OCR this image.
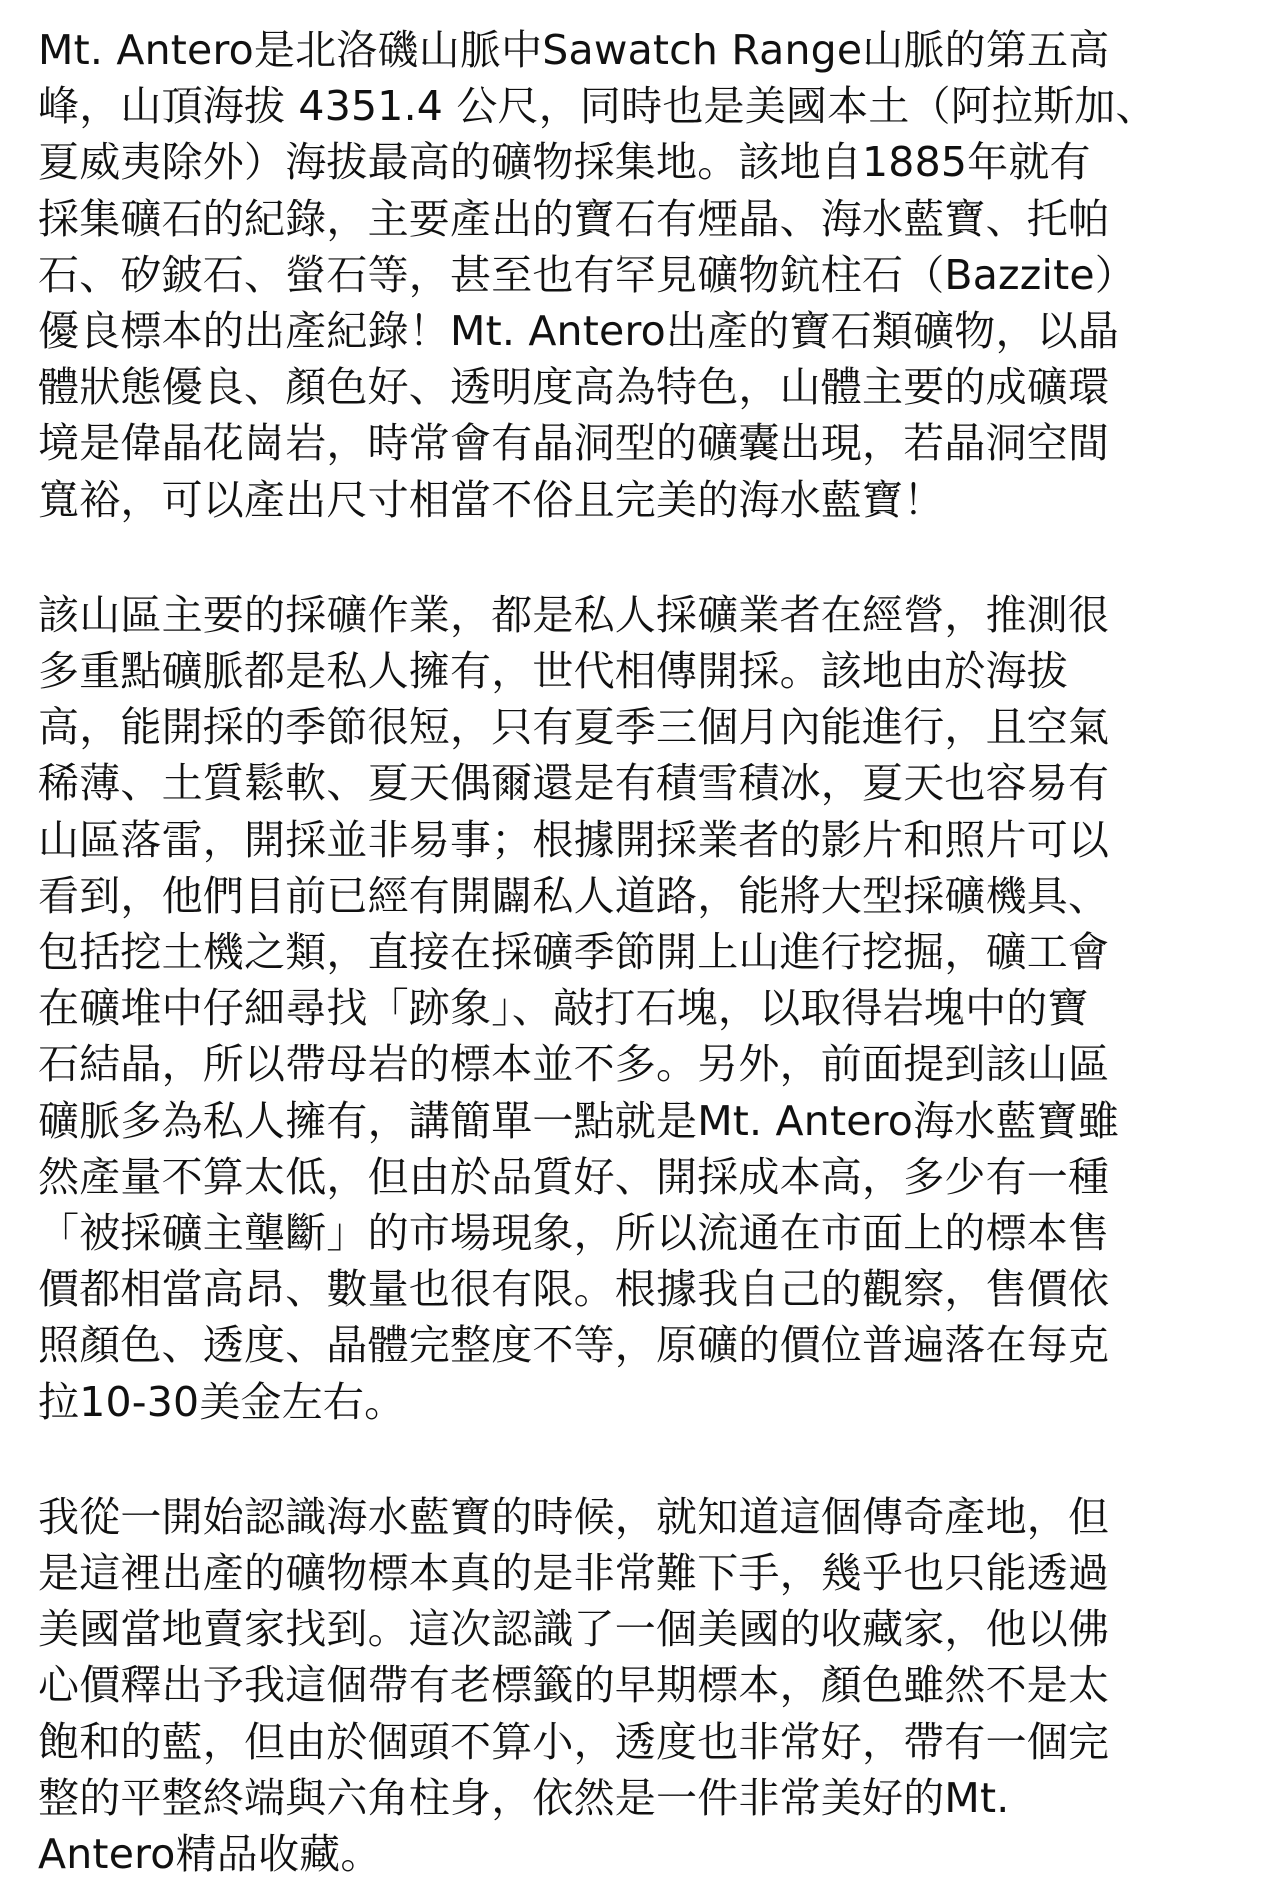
Mt. Antero是北洛磯山脈中Sawatch Range山脈的第五高
峰，山頂海拔 4351.4 公尺，同時也是美國本土（阿拉斯加、
夏威夷除外）海拔最高的礦物採集地。該地自1885年就有
採集礦石的紀錄，主要產出的寶石有煙晶、海水藍寶、托帕
石、矽鈹石、螢石等，甚至也有罕見礦物鈧柱石（Bazzite）
優良標本的出產紀錄！Mt. Antero出產的寶石類礦物，以晶
體狀態優良、顏色好、透明度高為特色，山體主要的成礦環
境是偉晶花崗岩，時常會有晶洞型的礦囊出現，若晶洞空間
寬裕，可以產出尺寸相當不俗且完美的海水藍寶！

該山區主要的採礦作業，都是私人採礦業者在經營，推測很
多重點礦脈都是私人擁有，世代相傳開採。該地由於海拔
高，能開採的季節很短，只有夏季三個月內能進行，且空氣
稀薄、土質鬆軟、夏天偶爾還是有積雪積冰，夏天也容易有
山區落雷，開採並非易事；根據開採業者的影片和照片可以
看到，他們目前已經有開闢私人道路，能將大型採礦機具、
包括挖土機之類，直接在採礦季節開上山進行挖掘，礦工會
在礦堆中仔細尋找「跡象」、敲打石塊，以取得岩塊中的寶
石結晶，所以帶母岩的標本並不多。另外，前面提到該山區
礦脈多為私人擁有，講簡單一點就是Mt. Antero海水藍寶雖
然產量不算太低，但由於品質好、開採成本高，多少有一種
「被採礦主壟斷」的市場現象，所以流通在市面上的標本售
價都相當高昂、數量也很有限。根據我自己的觀察，售價依
照顏色、透度、晶體完整度不等，原礦的價位普遍落在每克
拉10-30美金左右。

我從一開始認識海水藍寶的時候，就知道這個傳奇產地，但
是這裡出產的礦物標本真的是非常難下手，幾乎也只能透過
美國當地賣家找到。這次認識了一個美國的收藏家，他以佛
心價釋出予我這個帶有老標籤的早期標本，顏色雖然不是太
飽和的藍，但由於個頭不算小，透度也非常好，帶有一個完
整的平整終端與六角柱身，依然是一件非常美好的Mt.
Antero精品收藏。
